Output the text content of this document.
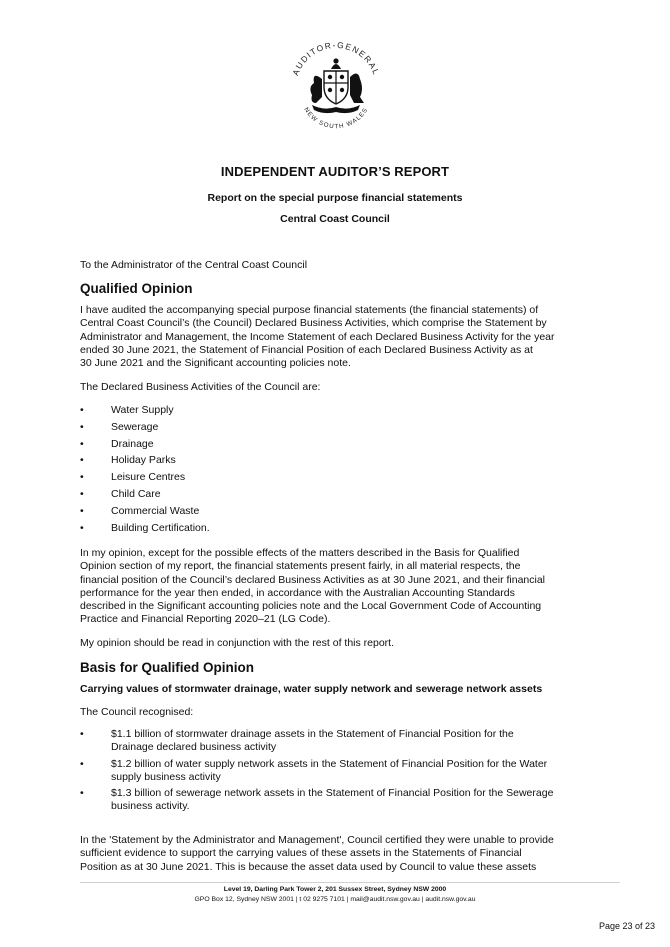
AUDITOR-GENERAL
NEW SOUTH WALES
INDEPENDENT AUDITOR’S REPORT
Report on the special purpose financial statements
Central Coast Council
To the Administrator of the Central Coast Council
Qualified Opinion
I have audited the accompanying special purpose financial statements (the financial statements) of
Central Coast Council’s (the Council) Declared Business Activities, which comprise the Statement by
Administrator and Management, the Income Statement of each Declared Business Activity for the year
ended 30 June 2021, the Statement of Financial Position of each Declared Business Activity as at
30 June 2021 and the Significant accounting policies note.
The Declared Business Activities of the Council are:
•	Water Supply
•	Sewerage
•	Drainage
•	Holiday Parks
•	Leisure Centres
•	Child Care
•	Commercial Waste
•	Building Certification.
In my opinion, except for the possible effects of the matters described in the Basis for Qualified
Opinion section of my report, the financial statements present fairly, in all material respects, the
financial position of the Council’s declared Business Activities as at 30 June 2021, and their financial
performance for the year then ended, in accordance with the Australian Accounting Standards
described in the Significant accounting policies note and the Local Government Code of Accounting
Practice and Financial Reporting 2020–21 (LG Code).
My opinion should be read in conjunction with the rest of this report.
Basis for Qualified Opinion
Carrying values of stormwater drainage, water supply network and sewerage network assets
The Council recognised:
•	$1.1 billion of stormwater drainage assets in the Statement of Financial Position for the
Drainage declared business activity
•	$1.2 billion of water supply network assets in the Statement of Financial Position for the Water
supply business activity
•	$1.3 billion of sewerage network assets in the Statement of Financial Position for the Sewerage
business activity.
In the 'Statement by the Administrator and Management', Council certified they were unable to provide
sufficient evidence to support the carrying values of these assets in the Statements of Financial
Position as at 30 June 2021. This is because the asset data used by Council to value these assets
Level 19, Darling Park Tower 2, 201 Sussex Street, Sydney NSW 2000
GPO Box 12, Sydney NSW 2001 | t 02 9275 7101 | mail@audit.nsw.gov.au | audit.nsw.gov.au
Page 23 of 23
